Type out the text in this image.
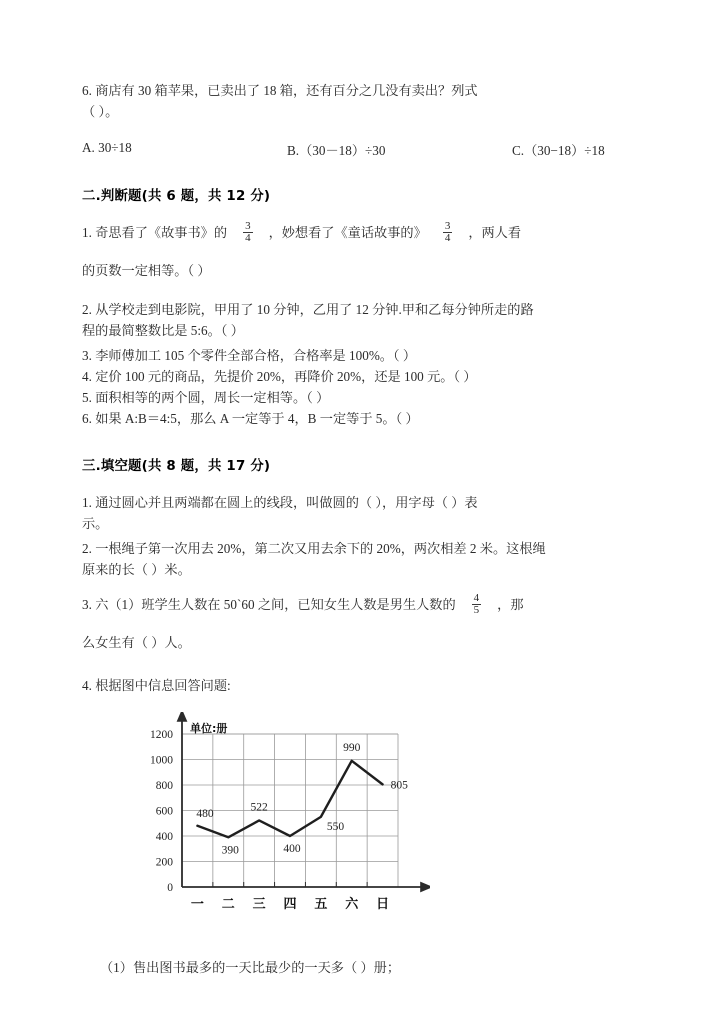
6. 商店有 30 箱苹果，已卖出了 18 箱，还有百分之几没有卖出？列式
（ ）。
A. 30÷18	B.（30－18）÷30	C.（30−18）÷18
二.判断题(共 6 题，共 12 分)
1. 奇思看了《故事书》的 $\frac{3}{4}$ ，妙想看了《童话故事的》 $\frac{3}{4}$ ，两人看
的页数一定相等。（ ）
2. 从学校走到电影院，甲用了 10 分钟，乙用了 12 分钟.甲和乙每分钟所走的路
程的最简整数比是 5:6。（ ）
3. 李师傅加工 105 个零件全部合格，合格率是 100%。（ ）
4. 定价 100 元的商品，先提价 20%，再降价 20%，还是 100 元。（ ）
5. 面积相等的两个圆，周长一定相等。（ ）
6. 如果 A:B＝4:5，那么 A 一定等于 4，B 一定等于 5。（ ）
三.填空题(共 8 题，共 17 分)
1. 通过圆心并且两端都在圆上的线段，叫做圆的（ ），用字母（ ）表
示。
2. 一根绳子第一次用去 20%，第二次又用去余下的 20%，两次相差 2 米。这根绳
原来的长（ ）米。
3. 六（1）班学生人数在 50ˋ60 之间，已知女生人数是男生人数的 $\frac{4}{5}$ ，那
么女生有（ ）人。
4. 根据图中信息回答问题:
0
200
400
600
800
1000
1200 单位:册
480
390
522
400
550
990
805
一 二 三 四 五 六 日
（1）售出图书最多的一天比最少的一天多（ ）册；
